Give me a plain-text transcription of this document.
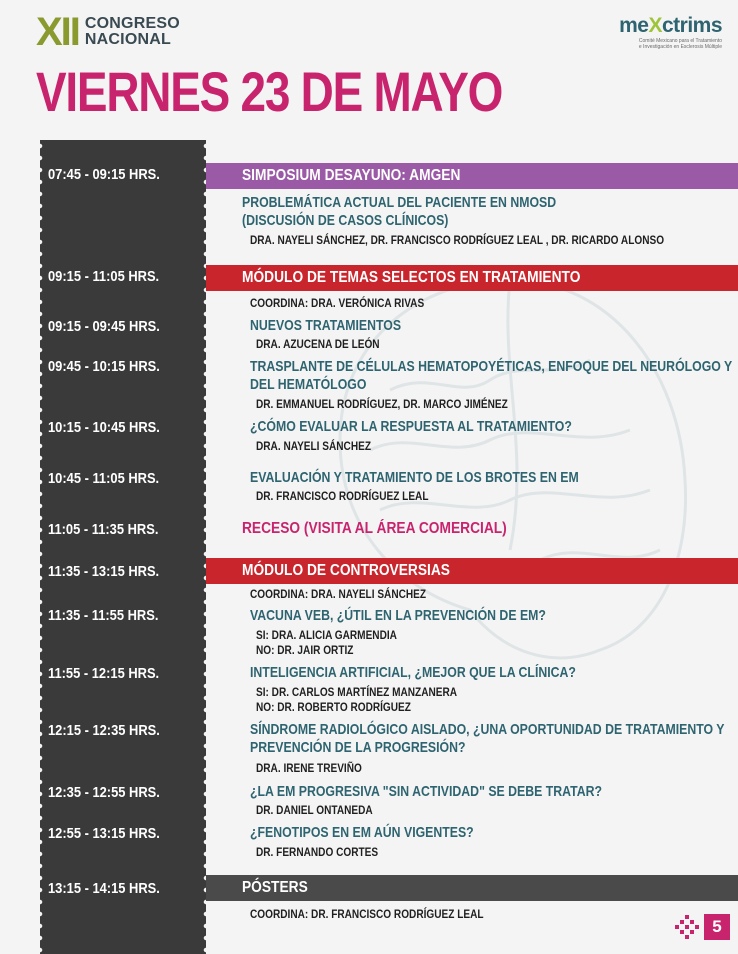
XII CONGRESO
NACIONAL
meXctrims
Comité Mexicano para el Tratamiento
e Investigación en Esclerosis Múltiple
VIERNES 23 DE MAYO
07:45 - 09:15 HRS.	SIMPOSIUM DESAYUNO: AMGEN
PROBLEMÁTICA ACTUAL DEL PACIENTE EN NMOSD
(DISCUSIÓN DE CASOS CLÍNICOS)
DRA. NAYELI SÁNCHEZ, DR. FRANCISCO RODRÍGUEZ LEAL , DR. RICARDO ALONSO
09:15 - 11:05 HRS.	MÓDULO DE TEMAS SELECTOS EN TRATAMIENTO
COORDINA: DRA. VERÓNICA RIVAS
09:15 - 09:45 HRS.	NUEVOS TRATAMIENTOS
DRA. AZUCENA DE LEÓN
09:45 - 10:15 HRS.	TRASPLANTE DE CÉLULAS HEMATOPOYÉTICAS, ENFOQUE DEL NEURÓLOGO Y
DEL HEMATÓLOGO
DR. EMMANUEL RODRÍGUEZ, DR. MARCO JIMÉNEZ
10:15 - 10:45 HRS.	¿CÓMO EVALUAR LA RESPUESTA AL TRATAMIENTO?
DRA. NAYELI SÁNCHEZ
10:45 - 11:05 HRS.	EVALUACIÓN Y TRATAMIENTO DE LOS BROTES EN EM
DR. FRANCISCO RODRÍGUEZ LEAL
11:05 - 11:35 HRS.	RECESO (VISITA AL ÁREA COMERCIAL)
11:35 - 13:15 HRS.	MÓDULO DE CONTROVERSIAS
COORDINA: DRA. NAYELI SÁNCHEZ
11:35 - 11:55 HRS.	VACUNA VEB, ¿ÚTIL EN LA PREVENCIÓN DE EM?
SI: DRA. ALICIA GARMENDIA
NO: DR. JAIR ORTIZ
11:55 - 12:15 HRS.	INTELIGENCIA ARTIFICIAL, ¿MEJOR QUE LA CLÍNICA?
SI: DR. CARLOS MARTÍNEZ MANZANERA
NO: DR. ROBERTO RODRÍGUEZ
12:15 - 12:35 HRS.	SÍNDROME RADIOLÓGICO AISLADO, ¿UNA OPORTUNIDAD DE TRATAMIENTO Y
PREVENCIÓN DE LA PROGRESIÓN?
DRA. IRENE TREVIÑO
12:35 - 12:55 HRS.	¿LA EM PROGRESIVA "SIN ACTIVIDAD" SE DEBE TRATAR?
DR. DANIEL ONTANEDA
12:55 - 13:15 HRS.	¿FENOTIPOS EN EM AÚN VIGENTES?
DR. FERNANDO CORTES
13:15 - 14:15 HRS.	PÓSTERS
COORDINA: DR. FRANCISCO RODRÍGUEZ LEAL
5
